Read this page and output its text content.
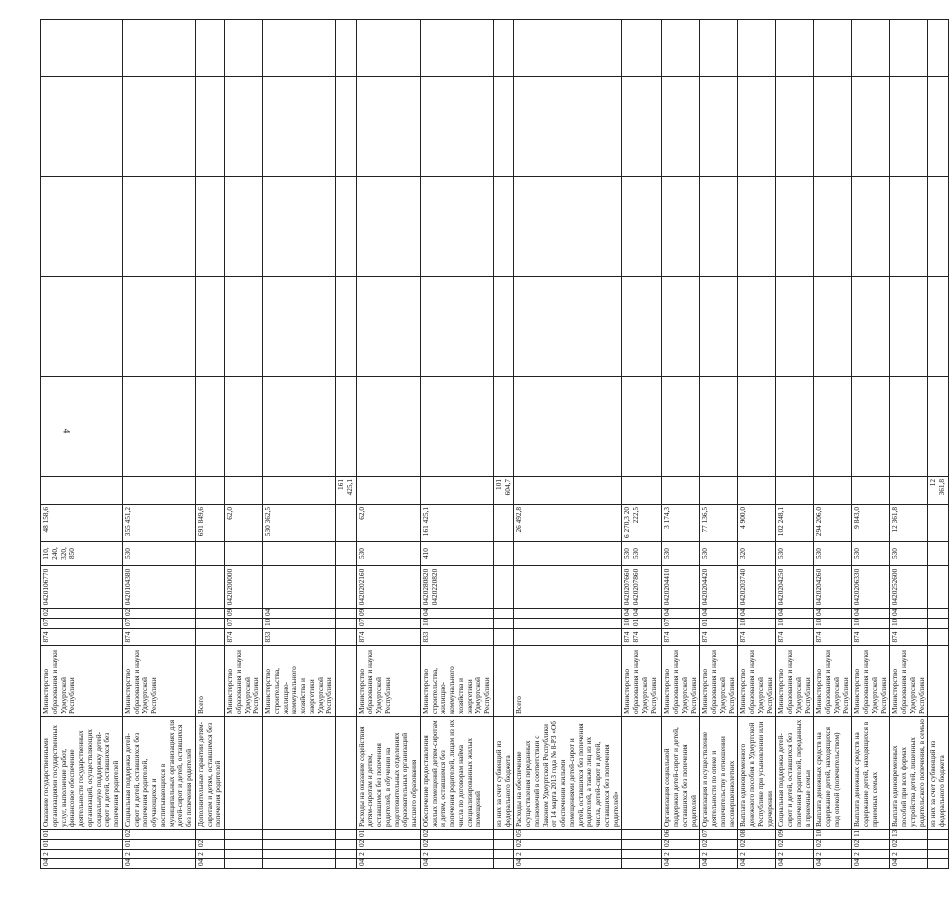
4
04	2	01	01	Оказание государственными организациями государственных услуг, выполнение работ, финансовое обеспечение деятельности государственных организаций, осуществляющих социальную поддержку детей-сирот и детей, оставшихся без попечения родителей	Министерство образования и науки Удмуртской Республики	874	07	02	0420106770	110, 240, 320, 850	48 158,6						
04	2	01	02	Социальная поддержка детей-сирот и детей, оставшихся без попечения родителей, обучающихся и воспитывающихся в муниципальных организациях для детей-сирот и детей, оставшихся без попечения родителей	Министерство образования и науки Удмуртской Республики	874	07	02	0420104380	530	355 451,2						
04	2	02		Дополнительные гарантии детям-сиротам и детям, оставшимся без попечения родителей	Всего						691 849,6						
					Министерство образования и науки Удмуртской Республики	874	07	09	0420200000		62,0						
					Министерство строительства, жилищно-коммунального хозяйства и энергетики Удмуртской Республики	833	10	04			530 362,5						
												161 425,1					
04	2	02	01	Расходы на оказание содействия детям-сиротам и детям, оставшимся без попечения родителей, в обучении на подготовительных отделениях образовательных организаций высшего образования	Министерство образования и науки Удмуртской Республики	874	07	09	0420202160	530	62,0						
04	2	02	02	Обеспечение предоставления жилых помещений детям-сиротам и детям, оставшимся без попечения родителей, лицам из их числа по договорам найма специализированных жилых помещений	Министерство строительства, жилищно-коммунального хозяйства и энергетики Удмуртской Республики	833	10	04	0420280820 0420220820	410	161 425,1						
				из них за счет субвенций из федерального бюджета								101 604,7					
04	2	02	05	Расходы на обеспечение осуществления переданных полномочий в соответствии с Законом Удмуртской Республики от 14 марта 2013 года № 8-РЗ «Об обеспечении жилыми помещениями детей-сирот и детей, оставшихся без попечения родителей, а также лиц из их числа, детей-сирот и детей, оставшихся без попечения родителей»	Всего						26 492,8						
					Министерство образования и науки Удмуртской Республики	874 874	10 01	04 04	0420207660 0420207860	530 530	6 270,3 20 222,5						
04	2	02	06	Организация социальной поддержки детей-сирот и детей, оставшихся без попечения родителей	Министерство образования и науки Удмуртской Республики	874	07	04	0420204410	530	3 174,3						
04	2	02	07	Организация и осуществление деятельности по опеке и попечительству в отношении несовершеннолетних	Министерство образования и науки Удмуртской Республики	874	01	04	0420204420	530	77 136,5						
04	2	02	08	Выплата единовременного денежного пособия в Удмуртской Республике при усыновлении или удочерении	Министерство образования и науки Удмуртской Республики	874	10	04	0420203740	320	4 900,0						
04	2	02	09	Социальная поддержка детей-сирот и детей, оставшихся без попечения родителей, переданных в приемные семьи	Министерство образования и науки Удмуртской Республики	874	10	04	0420204250	530	102 248,1						
04	2	02	10	Выплата денежных средств на содержание детей, находящихся под опекой (попечительством)	Министерство образования и науки Удмуртской Республики	874	10	04	0420204260	530	294 206,0						
04	2	02	11	Выплата денежных средств на содержание детей, находящихся в приемных семьях	Министерство образования и науки Удмуртской Республики	874	10	04	0420206330	530	9 843,0						
04	2	02	13	Выплата единовременных пособий при всех формах устройства детей, лишенных родительского попечения, в семью	Министерство образования и науки Удмуртской Республики	874	10	04	0420252600	530	12 361,8						
				из них за счет субвенций из федерального бюджета								12 361,8					
